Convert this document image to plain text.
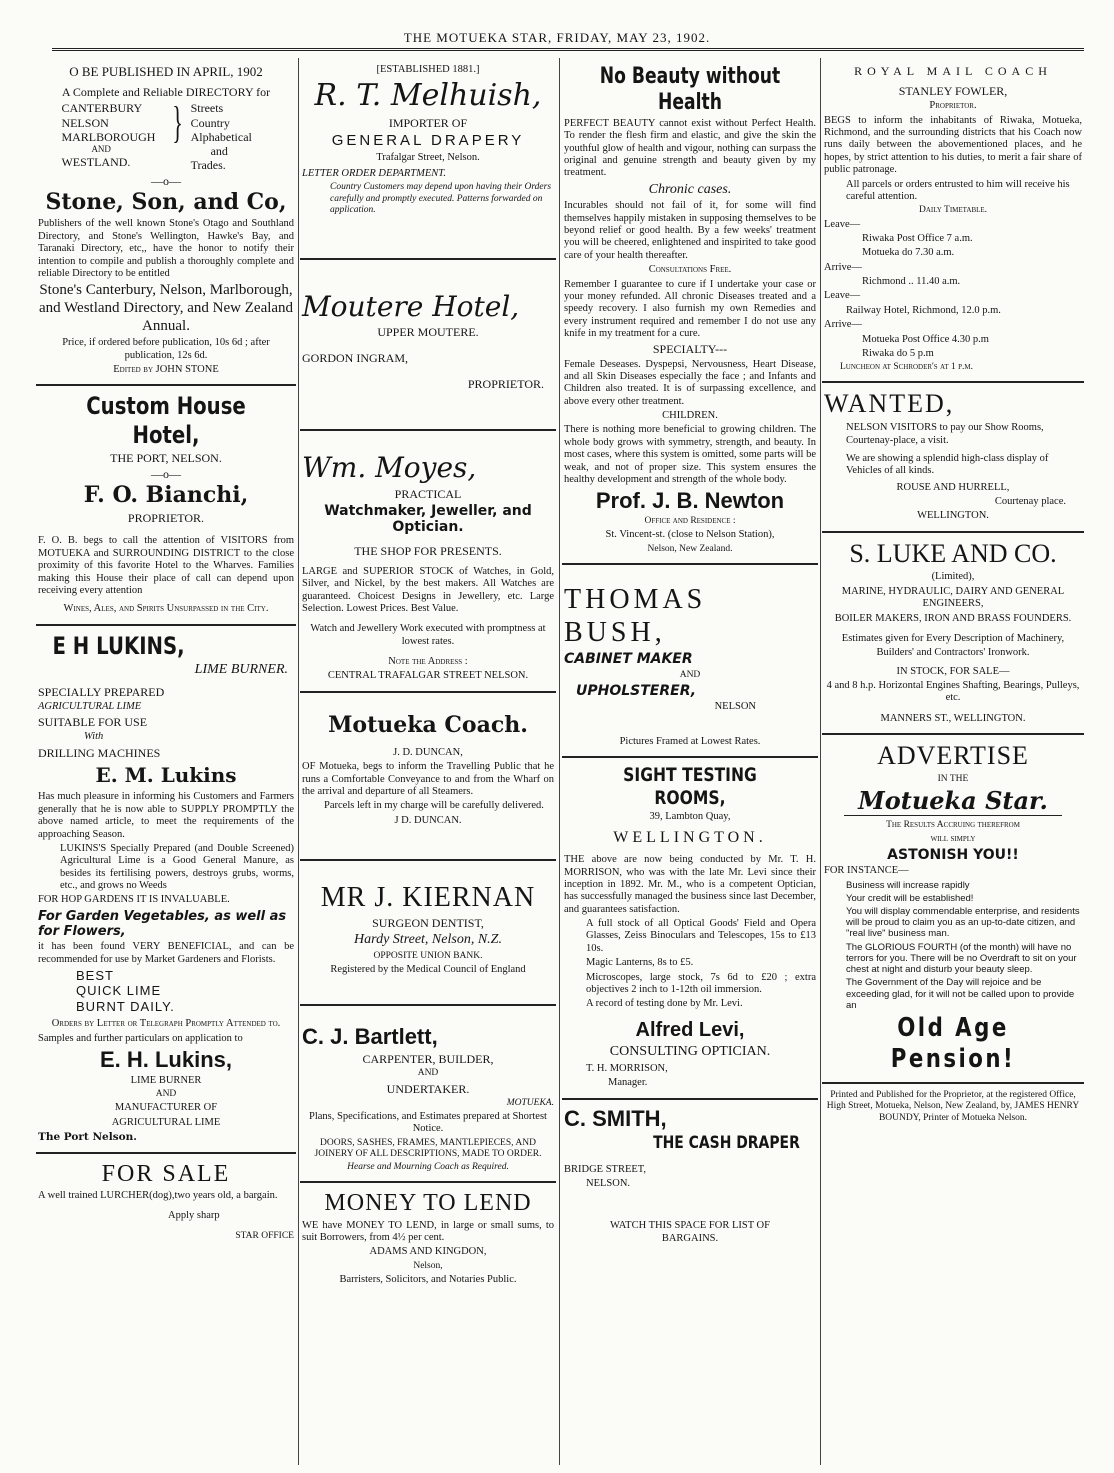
THE MOTUEKA STAR, FRIDAY, MAY 23, 1902.

O BE PUBLISHED IN APRIL, 1902

A Complete and Reliable DIRECTORY for

CANTERBURY
NELSON
MARLBOROUGH
AND
WESTLAND.
} Streets
Country
Alphabetical
and
Trades.

—o—

Stone, Son, and Co,

Publishers of the well known Stone's Otago and Southland Directory, and Stone's Wellington, Hawke's Bay, and Taranaki Directory, etc,, have the honor to notify their intention to compile and publish a thoroughly complete and reliable Directory to be entitled

Stone's Canterbury, Nelson, Marlborough, and Westland Directory, and New Zealand Annual.

Price, if ordered before publication, 10s 6d ; after publication, 12s 6d.

Edited by JOHN STONE

Custom House Hotel,

THE PORT, NELSON.

—o—

F. O. Bianchi,

PROPRIETOR.

F. O. B. begs to call the attention of VISITORS from MOTUEKA and SURROUNDING DISTRICT to the close proximity of this favorite Hotel to the Wharves. Families making this House their place of call can depend upon receiving every attention

Wines, Ales, and Spirits Unsurpassed in the City.

E H LUKINS,

LIME BURNER.

SPECIALLY PREPARED

AGRICULTURAL LIME

SUITABLE FOR USE

With

DRILLING MACHINES

E. M. Lukins

Has much pleasure in informing his Customers and Farmers generally that he is now able to SUPPLY PROMPTLY the above named article, to meet the requirements of the approaching Season.

LUKINS'S Specially Prepared (and Double Screened) Agricultural Lime is a Good General Manure, as besides its fertilising powers, destroys grubs, worms, etc., and grows no Weeds

FOR HOP GARDENS IT IS INVALUABLE.

For Garden Vegetables, as well as for Flowers,

it has been found VERY BENEFICIAL, and can be recommended for use by Market Gardeners and Florists.

BEST
QUICK LIME
BURNT DAILY.

Orders by Letter or Telegraph Promptly Attended to.

Samples and further particulars on application to

E. H. Lukins,

LIME BURNER

AND

MANUFACTURER OF

AGRICULTURAL LIME

The Port Nelson.

FOR SALE

A well trained LURCHER(dog),two years old, a bargain.

Apply sharp

STAR OFFICE

[ESTABLISHED 1881.]

R. T. Melhuish,

IMPORTER OF

GENERAL DRAPERY

Trafalgar Street, Nelson.

LETTER ORDER DEPARTMENT.

Country Customers may depend upon having their Orders carefully and promptly executed. Patterns forwarded on application.

Moutere Hotel,

UPPER MOUTERE.

GORDON INGRAM,

PROPRIETOR.

Wm. Moyes,

PRACTICAL

Watchmaker, Jeweller, and Optician.

THE SHOP FOR PRESENTS.

LARGE and SUPERIOR STOCK of Watches, in Gold, Silver, and Nickel, by the best makers. All Watches are guaranteed. Choicest Designs in Jewellery, etc. Large Selection. Lowest Prices. Best Value.

Watch and Jewellery Work executed with promptness at lowest rates.

Note the Address :

CENTRAL TRAFALGAR STREET NELSON.

Motueka Coach.

J. D. DUNCAN,

OF Motueka, begs to inform the Travelling Public that he runs a Comfortable Conveyance to and from the Wharf on the arrival and departure of all Steamers.

Parcels left in my charge will be carefully delivered.

J D. DUNCAN.

MR J. KIERNAN

SURGEON DENTIST,

Hardy Street, Nelson, N.Z.

OPPOSITE UNION BANK.

Registered by the Medical Council of England

C. J. Bartlett,

CARPENTER, BUILDER,

AND

UNDERTAKER.

MOTUEKA.

Plans, Specifications, and Estimates prepared at Shortest Notice.

DOORS, SASHES, FRAMES, MANTLEPIECES, AND JOINERY OF ALL DESCRIPTIONS, MADE TO ORDER.

Hearse and Mourning Coach as Required.

MONEY TO LEND

WE have MONEY TO LEND, in large or small sums, to suit Borrowers, from 4½ per cent.

ADAMS AND KINGDON,

Nelson,

Barristers, Solicitors, and Notaries Public.

No Beauty without Health

PERFECT BEAUTY cannot exist without Perfect Health. To render the flesh firm and elastic, and give the skin the youthful glow of health and vigour, nothing can surpass the original and genuine strength and beauty given by my treatment.

Chronic cases.

Incurables should not fail of it, for some will find themselves happily mistaken in supposing themselves to be beyond relief or good health. By a few weeks' treatment you will be cheered, enlightened and inspirited to take good care of your health thereafter.

Consultations Free.

Remember I guarantee to cure if I undertake your case or your money refunded. All chronic Diseases treated and a speedy recovery. I also furnish my own Remedies and every instrument required and remember I do not use any knife in my treatment for a cure.

SPECIALTY---

Female Deseases. Dyspepsi, Nervousness, Heart Disease, and all Skin Diseases especially the face ; and Infants and Children also treated. It is of surpassing excellence, and above every other treatment.

CHILDREN.

There is nothing more beneficial to growing children. The whole body grows with symmetry, strength, and beauty. In most cases, where this system is omitted, some parts will be weak, and not of proper size. This system ensures the healthy development and strength of the whole body.

Prof. J. B. Newton

Office and Residence :

St. Vincent-st. (close to Nelson Station),

Nelson, New Zealand.

THOMAS BUSH,

CABINET MAKER

AND

UPHOLSTERER,

NELSON

Pictures Framed at Lowest Rates.

SIGHT TESTING ROOMS,

39, Lambton Quay,

WELLINGTON.

THE above are now being conducted by Mr. T. H. MORRISON, who was with the late Mr. Levi since their inception in 1892. Mr. M., who is a competent Optician, has successfully managed the business since last December, and guarantees satisfaction.

A full stock of all Optical Goods' Field and Opera Glasses, Zeiss Binoculars and Telescopes, 15s to £13 10s.

Magic Lanterns, 8s to £5.

Microscopes, large stock, 7s 6d to £20 ; extra objectives 2 inch to 1-12th oil immersion.

A record of testing done by Mr. Levi.

Alfred Levi,

CONSULTING OPTICIAN.

T. H. MORRISON,

Manager.

C. SMITH,

THE CASH DRAPER

BRIDGE STREET,

NELSON.

WATCH THIS SPACE FOR LIST OF BARGAINS.

ROYAL MAIL COACH

STANLEY FOWLER,

Proprietor.

BEGS to inform the inhabitants of Riwaka, Motueka, Richmond, and the surrounding districts that his Coach now runs daily between the abovementioned places, and he hopes, by strict attention to his duties, to merit a fair share of public patronage.

All parcels or orders entrusted to him will receive his careful attention.

Daily Timetable.

Leave—

Riwaka Post Office 7 a.m.

Motueka do 7.30 a.m.

Arrive—

Richmond .. 11.40 a.m.

Leave—

Railway Hotel, Richmond, 12.0 p.m.

Arrive—

Motueka Post Office 4.30 p.m

Riwaka do 5 p.m

Luncheon at Schroder's at 1 p.m.

WANTED,

NELSON VISITORS to pay our Show Rooms, Courtenay-place, a visit.

We are showing a splendid high-class display of Vehicles of all kinds.

ROUSE AND HURRELL,

Courtenay place.

WELLINGTON.

S. LUKE AND CO.

(Limited),

MARINE, HYDRAULIC, DAIRY AND GENERAL ENGINEERS,

BOILER MAKERS, IRON AND BRASS FOUNDERS.

Estimates given for Every Description of Machinery,

Builders' and Contractors' Ironwork.

IN STOCK, FOR SALE—

4 and 8 h.p. Horizontal Engines Shafting, Bearings, Pulleys, etc.

MANNERS ST., WELLINGTON.

ADVERTISE

IN THE

Motueka Star.

The Results Accruing therefrom

will simply

ASTONISH YOU!!

FOR INSTANCE—

Business will increase rapidly

Your credit will be established!

You will display commendable enterprise, and residents will be proud to claim you as an up-to-date citizen, and "real live" business man.

The GLORIOUS FOURTH (of the month) will have no terrors for you. There will be no Overdraft to sit on your chest at night and disturb your beauty sleep.

The Government of the Day will rejoice and be exceeding glad, for it will not be called upon to provide an

Old Age Pension!

Printed and Published for the Proprietor, at the registered Office, High Street, Motueka, Nelson, New Zealand, by, JAMES HENRY BOUNDY, Printer of Motueka Nelson.
